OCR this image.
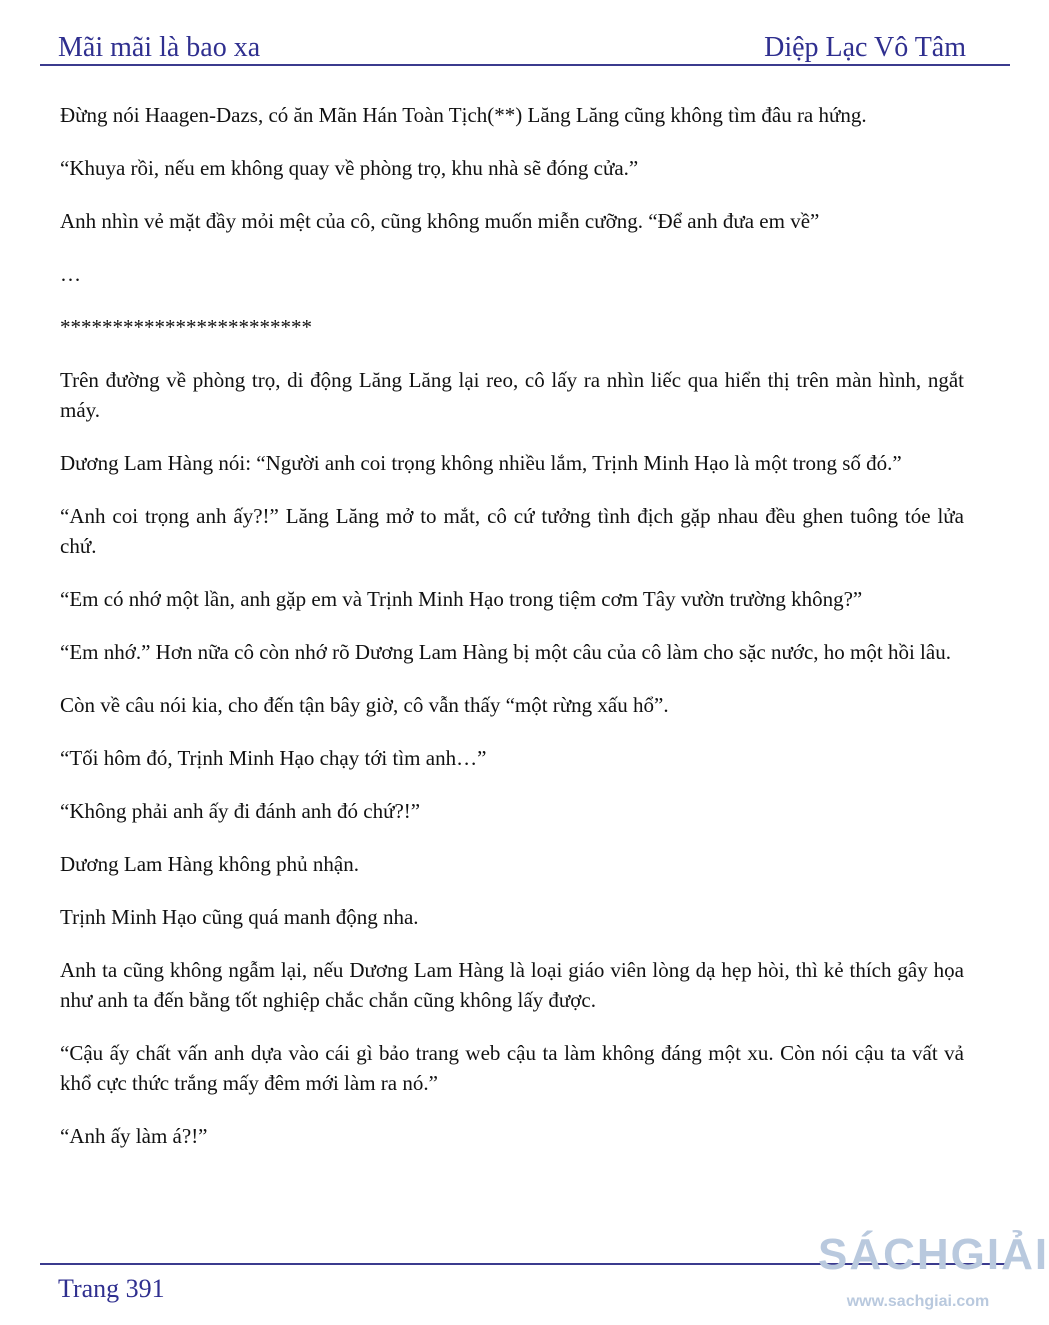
Mãi mãi là bao xa	Diệp Lạc Vô Tâm

Đừng nói Haagen-Dazs, có ăn Mãn Hán Toàn Tịch(**) Lăng Lăng cũng không tìm đâu ra hứng.

“Khuya rồi, nếu em không quay về phòng trọ, khu nhà sẽ đóng cửa.”

Anh nhìn vẻ mặt đầy mỏi mệt của cô, cũng không muốn miễn cưỡng. “Để anh đưa em về”

…

************************

Trên đường về phòng trọ, di động Lăng Lăng lại reo, cô lấy ra nhìn liếc qua hiển thị trên màn hình, ngắt máy.

Dương Lam Hàng nói: “Người anh coi trọng không nhiều lắm, Trịnh Minh Hạo là một trong số đó.”

“Anh coi trọng anh ấy?!” Lăng Lăng mở to mắt, cô cứ tưởng tình địch gặp nhau đều ghen tuông tóe lửa chứ.

“Em có nhớ một lần, anh gặp em và Trịnh Minh Hạo trong tiệm cơm Tây vườn trường không?”

“Em nhớ.” Hơn nữa cô còn nhớ rõ Dương Lam Hàng bị một câu của cô làm cho sặc nước, ho một hồi lâu.

Còn về câu nói kia, cho đến tận bây giờ, cô vẫn thấy “một rừng xấu hổ”.

“Tối hôm đó, Trịnh Minh Hạo chạy tới tìm anh…”

“Không phải anh ấy đi đánh anh đó chứ?!”

Dương Lam Hàng không phủ nhận.

Trịnh Minh Hạo cũng quá manh động nha.

Anh ta cũng không ngẫm lại, nếu Dương Lam Hàng là loại giáo viên lòng dạ hẹp hòi, thì kẻ thích gây họa như anh ta đến bằng tốt nghiệp chắc chắn cũng không lấy được.

“Cậu ấy chất vấn anh dựa vào cái gì bảo trang web cậu ta làm không đáng một xu. Còn nói cậu ta vất vả khổ cực thức trắng mấy đêm mới làm ra nó.”

“Anh ấy làm á?!”

Trang 391
SÁCHGIẢI
www.sachgiai.com
